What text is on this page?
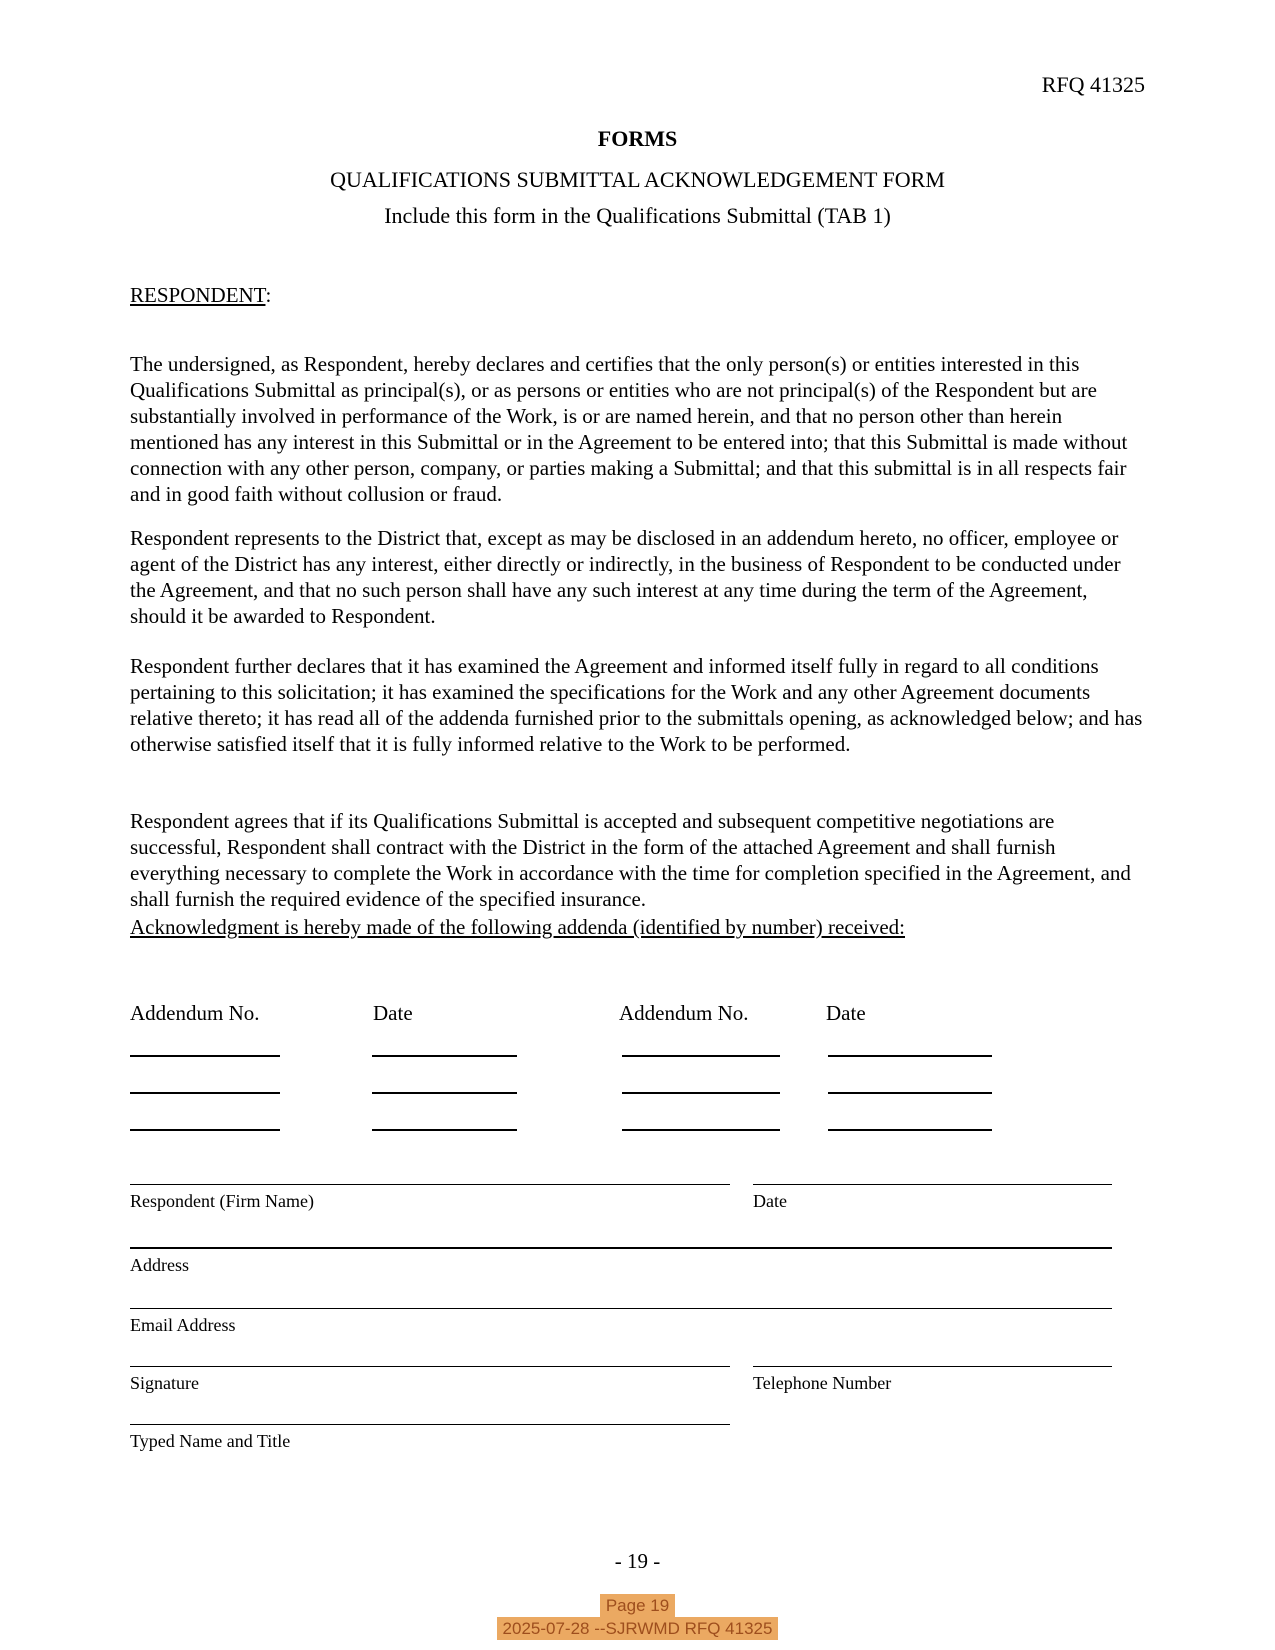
RFQ 41325
FORMS
QUALIFICATIONS SUBMITTAL ACKNOWLEDGEMENT FORM
Include this form in the Qualifications Submittal (TAB 1)
RESPONDENT:

The undersigned, as Respondent, hereby declares and certifies that the only person(s) or entities interested in this Qualifications Submittal as principal(s), or as persons or entities who are not principal(s) of the Respondent but are substantially involved in performance of the Work, is or are named herein, and that no person other than herein mentioned has any interest in this Submittal or in the Agreement to be entered into; that this Submittal is made without connection with any other person, company, or parties making a Submittal; and that this submittal is in all respects fair and in good faith without collusion or fraud.

Respondent represents to the District that, except as may be disclosed in an addendum hereto, no officer, employee or agent of the District has any interest, either directly or indirectly, in the business of Respondent to be conducted under the Agreement, and that no such person shall have any such interest at any time during the term of the Agreement, should it be awarded to Respondent.

Respondent further declares that it has examined the Agreement and informed itself fully in regard to all conditions pertaining to this solicitation; it has examined the specifications for the Work and any other Agreement documents relative thereto; it has read all of the addenda furnished prior to the submittals opening, as acknowledged below; and has otherwise satisfied itself that it is fully informed relative to the Work to be performed.

Respondent agrees that if its Qualifications Submittal is accepted and subsequent competitive negotiations are successful, Respondent shall contract with the District in the form of the attached Agreement and shall furnish everything necessary to complete the Work in accordance with the time for completion specified in the Agreement, and shall furnish the required evidence of the specified insurance.

Acknowledgment is hereby made of the following addenda (identified by number) received:
Addendum No.	Date	Addendum No.	Date
Respondent (Firm Name)	Date
Address
Email Address
Signature	Telephone Number
Typed Name and Title
- 19 -
Page 19
2025-07-28 --SJRWMD RFQ 41325
